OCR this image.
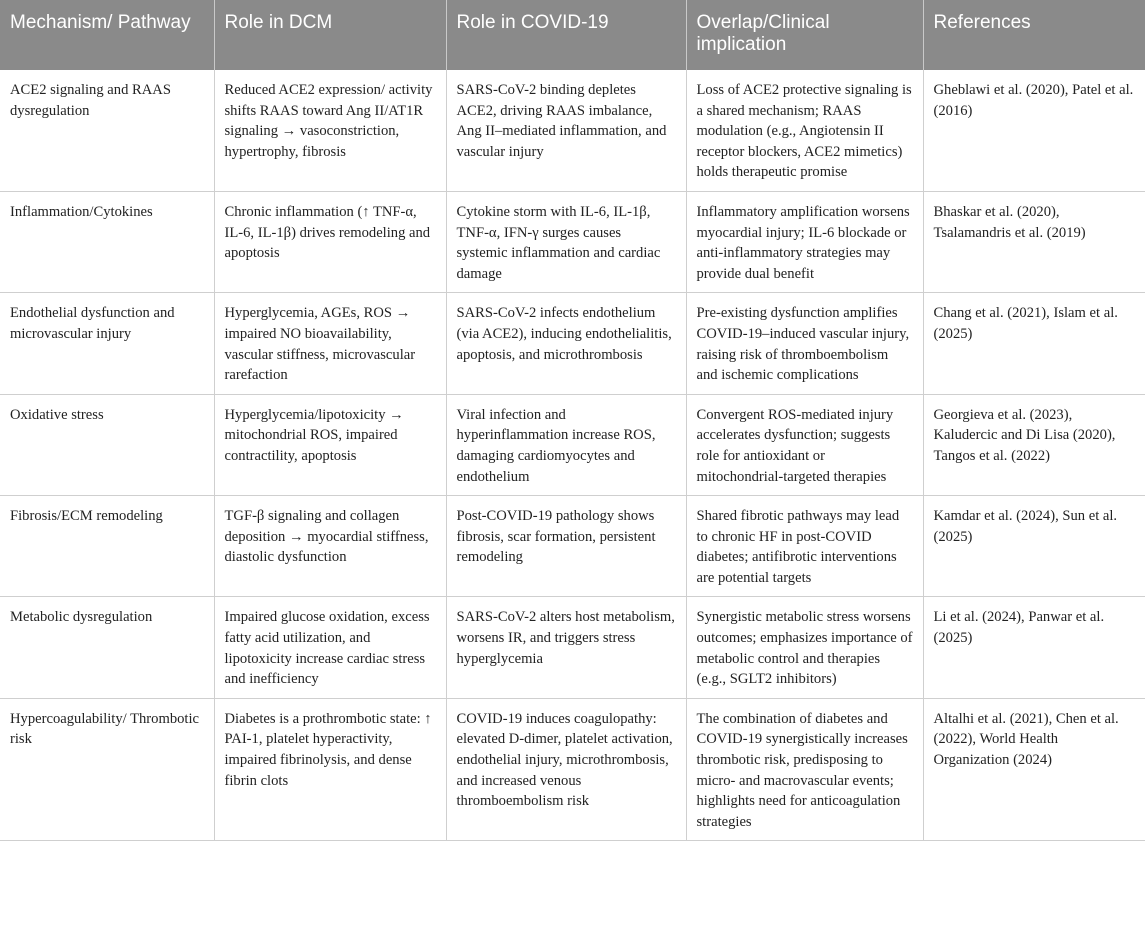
Mechanism/ Pathway	Role in DCM	Role in COVID-19	Overlap/Clinical implication	References
ACE2 signaling and RAAS dysregulation	Reduced ACE2 expression/ activity shifts RAAS toward Ang II/AT1R signaling → vasoconstriction, hypertrophy, fibrosis	SARS-CoV-2 binding depletes ACE2, driving RAAS imbalance, Ang II–mediated inflammation, and vascular injury	Loss of ACE2 protective signaling is a shared mechanism; RAAS modulation (e.g., Angiotensin II receptor blockers, ACE2 mimetics) holds therapeutic promise	Gheblawi et al. (2020), Patel et al. (2016)
Inflammation/Cytokines	Chronic inflammation (↑ TNF-α, IL-6, IL-1β) drives remodeling and apoptosis	Cytokine storm with IL-6, IL-1β, TNF-α, IFN-γ surges causes systemic inflammation and cardiac damage	Inflammatory amplification worsens myocardial injury; IL-6 blockade or anti-inflammatory strategies may provide dual benefit	Bhaskar et al. (2020), Tsalamandris et al. (2019)
Endothelial dysfunction and microvascular injury	Hyperglycemia, AGEs, ROS → impaired NO bioavailability, vascular stiffness, microvascular rarefaction	SARS-CoV-2 infects endothelium (via ACE2), inducing endothelialitis, apoptosis, and microthrombosis	Pre-existing dysfunction amplifies COVID-19–induced vascular injury, raising risk of thromboembolism and ischemic complications	Chang et al. (2021), Islam et al. (2025)
Oxidative stress	Hyperglycemia/lipotoxicity → mitochondrial ROS, impaired contractility, apoptosis	Viral infection and hyperinflammation increase ROS, damaging cardiomyocytes and endothelium	Convergent ROS-mediated injury accelerates dysfunction; suggests role for antioxidant or mitochondrial-targeted therapies	Georgieva et al. (2023), Kaludercic and Di Lisa (2020), Tangos et al. (2022)
Fibrosis/ECM remodeling	TGF-β signaling and collagen deposition → myocardial stiffness, diastolic dysfunction	Post-COVID-19 pathology shows fibrosis, scar formation, persistent remodeling	Shared fibrotic pathways may lead to chronic HF in post-COVID diabetes; antifibrotic interventions are potential targets	Kamdar et al. (2024), Sun et al. (2025)
Metabolic dysregulation	Impaired glucose oxidation, excess fatty acid utilization, and lipotoxicity increase cardiac stress and inefficiency	SARS-CoV-2 alters host metabolism, worsens IR, and triggers stress hyperglycemia	Synergistic metabolic stress worsens outcomes; emphasizes importance of metabolic control and therapies (e.g., SGLT2 inhibitors)	Li et al. (2024), Panwar et al. (2025)
Hypercoagulability/ Thrombotic risk	Diabetes is a prothrombotic state: ↑ PAI-1, platelet hyperactivity, impaired fibrinolysis, and dense fibrin clots	COVID-19 induces coagulopathy: elevated D-dimer, platelet activation, endothelial injury, microthrombosis, and increased venous thromboembolism risk	The combination of diabetes and COVID-19 synergistically increases thrombotic risk, predisposing to micro- and macrovascular events; highlights need for anticoagulation strategies	Altalhi et al. (2021), Chen et al. (2022), World Health Organization (2024)
